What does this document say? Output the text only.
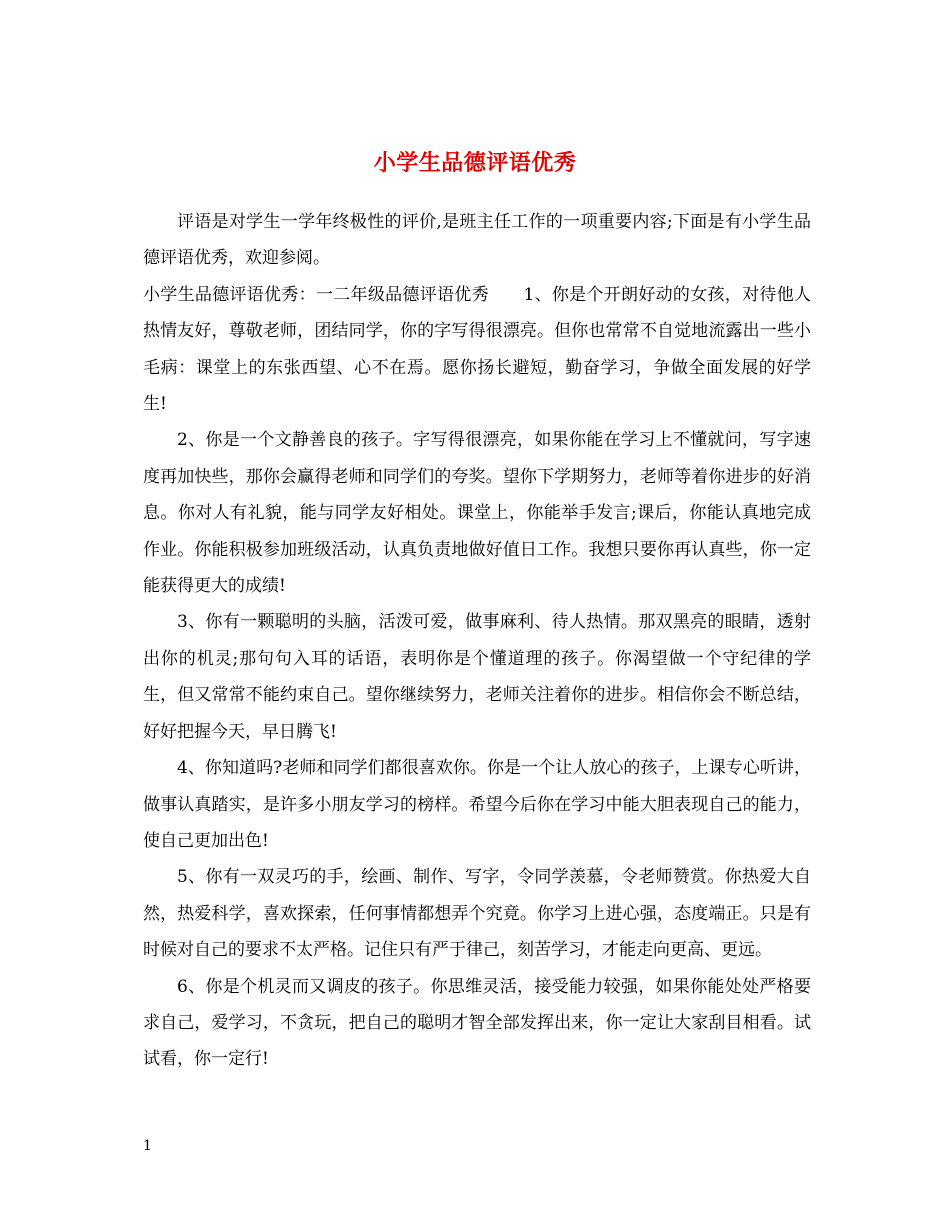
小学生品德评语优秀

评语是对学生一学年终极性的评价,是班主任工作的一项重要内容;下面是有小学生品德评语优秀，欢迎参阅。

小学生品德评语优秀：一二年级品德评语优秀　　1、你是个开朗好动的女孩，对待他人热情友好，尊敬老师，团结同学，你的字写得很漂亮。但你也常常不自觉地流露出一些小毛病：课堂上的东张西望、心不在焉。愿你扬长避短，勤奋学习，争做全面发展的好学生!

2、你是一个文静善良的孩子。字写得很漂亮，如果你能在学习上不懂就问，写字速度再加快些，那你会赢得老师和同学们的夸奖。望你下学期努力，老师等着你进步的好消息。你对人有礼貌，能与同学友好相处。课堂上，你能举手发言;课后，你能认真地完成作业。你能积极参加班级活动，认真负责地做好值日工作。我想只要你再认真些，你一定能获得更大的成绩!

3、你有一颗聪明的头脑，活泼可爱，做事麻利、待人热情。那双黑亮的眼睛，透射出你的机灵;那句句入耳的话语，表明你是个懂道理的孩子。你渴望做一个守纪律的学生，但又常常不能约束自己。望你继续努力，老师关注着你的进步。相信你会不断总结，好好把握今天，早日腾飞!

4、你知道吗?老师和同学们都很喜欢你。你是一个让人放心的孩子，上课专心听讲，做事认真踏实，是许多小朋友学习的榜样。希望今后你在学习中能大胆表现自己的能力，使自己更加出色!

5、你有一双灵巧的手，绘画、制作、写字，令同学羡慕，令老师赞赏。你热爱大自然，热爱科学，喜欢探索，任何事情都想弄个究竟。你学习上进心强，态度端正。只是有时候对自己的要求不太严格。记住只有严于律己，刻苦学习，才能走向更高、更远。

6、你是个机灵而又调皮的孩子。你思维灵活，接受能力较强，如果你能处处严格要求自己，爱学习，不贪玩，把自己的聪明才智全部发挥出来，你一定让大家刮目相看。试试看，你一定行!

1
